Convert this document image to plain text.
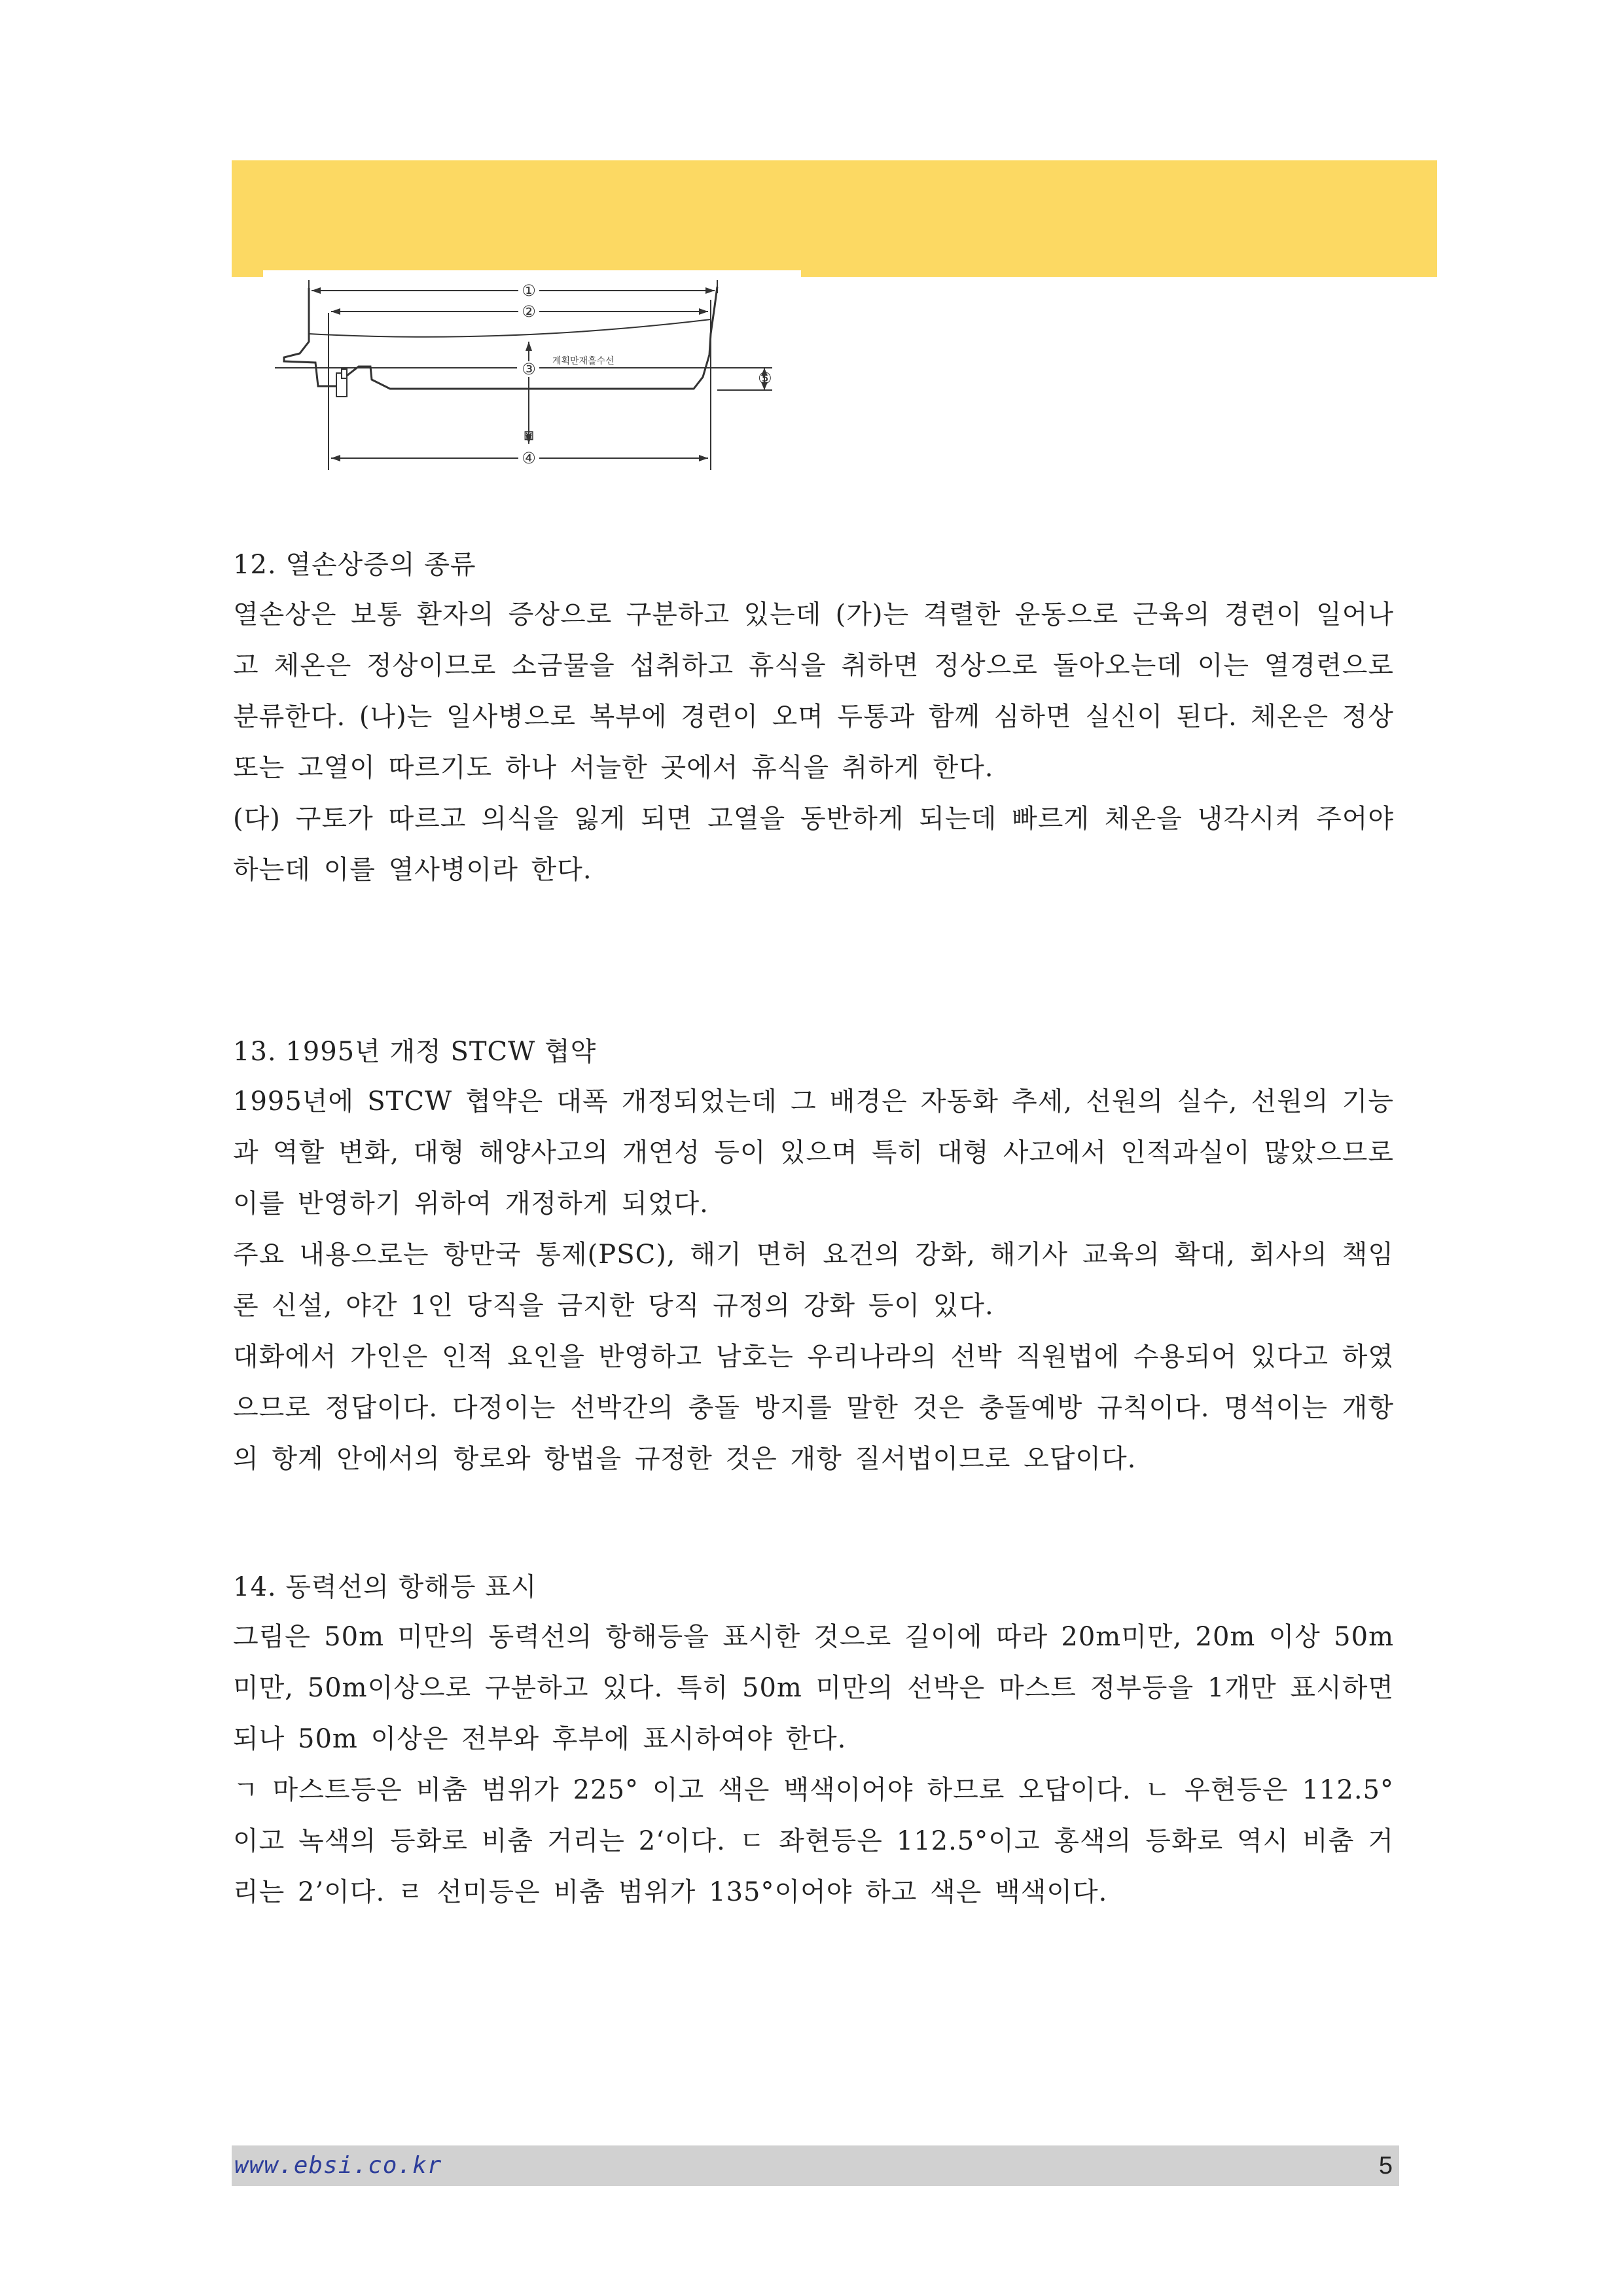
①
②
③ 계획만재흘수선
⊠
④
⑤
12. 열손상증의 종류

열손상은 보통 환자의 증상으로 구분하고 있는데 (가)는 격렬한 운동으로 근육의 경련이 일어나고 체온은 정상이므로 소금물을 섭취하고 휴식을 취하면 정상으로 돌아오는데 이는 열경련으로 분류한다. (나)는 일사병으로 복부에 경련이 오며 두통과 함께 심하면 실신이 된다. 체온은 정상 또는 고열이 따르기도 하나 서늘한 곳에서 휴식을 취하게 한다.

(다) 구토가 따르고 의식을 잃게 되면 고열을 동반하게 되는데 빠르게 체온을 냉각시켜 주어야 하는데 이를 열사병이라 한다.

13. 1995년 개정 STCW 협약

1995년에 STCW 협약은 대폭 개정되었는데 그 배경은 자동화 추세, 선원의 실수, 선원의 기능과 역할 변화, 대형 해양사고의 개연성 등이 있으며 특히 대형 사고에서 인적과실이 많았으므로 이를 반영하기 위하여 개정하게 되었다.

주요 내용으로는 항만국 통제(PSC), 해기 면허 요건의 강화, 해기사 교육의 확대, 회사의 책임론 신설, 야간 1인 당직을 금지한 당직 규정의 강화 등이 있다.

대화에서 가인은 인적 요인을 반영하고 남호는 우리나라의 선박 직원법에 수용되어 있다고 하였으므로 정답이다. 다정이는 선박간의 충돌 방지를 말한 것은 충돌예방 규칙이다. 명석이는 개항의 항계 안에서의 항로와 항법을 규정한 것은 개항 질서법이므로 오답이다.

14. 동력선의 항해등 표시

그림은 50m 미만의 동력선의 항해등을 표시한 것으로 길이에 따라 20m미만, 20m 이상 50m미만, 50m이상으로 구분하고 있다. 특히 50m 미만의 선박은 마스트 정부등을 1개만 표시하면 되나 50m 이상은 전부와 후부에 표시하여야 한다.

ㄱ 마스트등은 비춤 범위가 225° 이고 색은 백색이어야 하므로 오답이다. ㄴ 우현등은 112.5°이고 녹색의 등화로 비춤 거리는 2‘이다. ㄷ 좌현등은 112.5°이고 홍색의 등화로 역시 비춤 거리는 2’이다. ㄹ 선미등은 비춤 범위가 135°이어야 하고 색은 백색이다.

www.ebsi.co.kr	5
